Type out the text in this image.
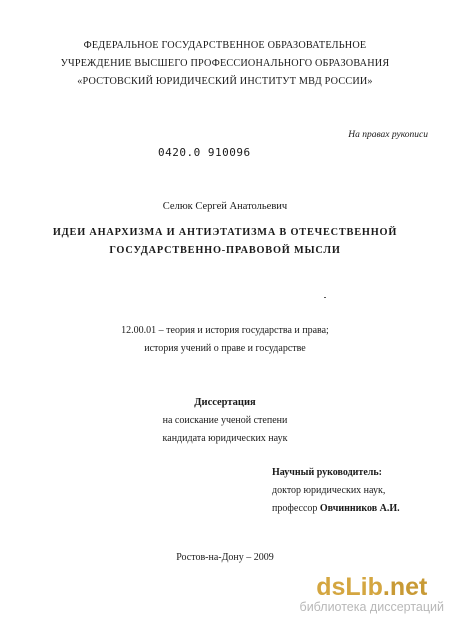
ФЕДЕРАЛЬНОЕ ГОСУДАРСТВЕННОЕ ОБРАЗОВАТЕЛЬНОЕ
УЧРЕЖДЕНИЕ ВЫСШЕГО ПРОФЕССИОНАЛЬНОГО ОБРАЗОВАНИЯ
«РОСТОВСКИЙ ЮРИДИЧЕСКИЙ ИНСТИТУТ МВД РОССИИ»
На правах рукописи
0420.0 910096
Селюк Сергей Анатольевич
ИДЕИ АНАРХИЗМА И АНТИЭТАТИЗМА В ОТЕЧЕСТВЕННОЙ
ГОСУДАРСТВЕННО-ПРАВОВОЙ МЫСЛИ
12.00.01 – теория и история государства и права;
история учений о праве и государстве
Диссертация
на соискание ученой степени
кандидата юридических наук
Научный руководитель:
доктор юридических наук,
профессор Овчинников А.И.
Ростов-на-Дону – 2009
dsLib.net
библиотека диссертаций
